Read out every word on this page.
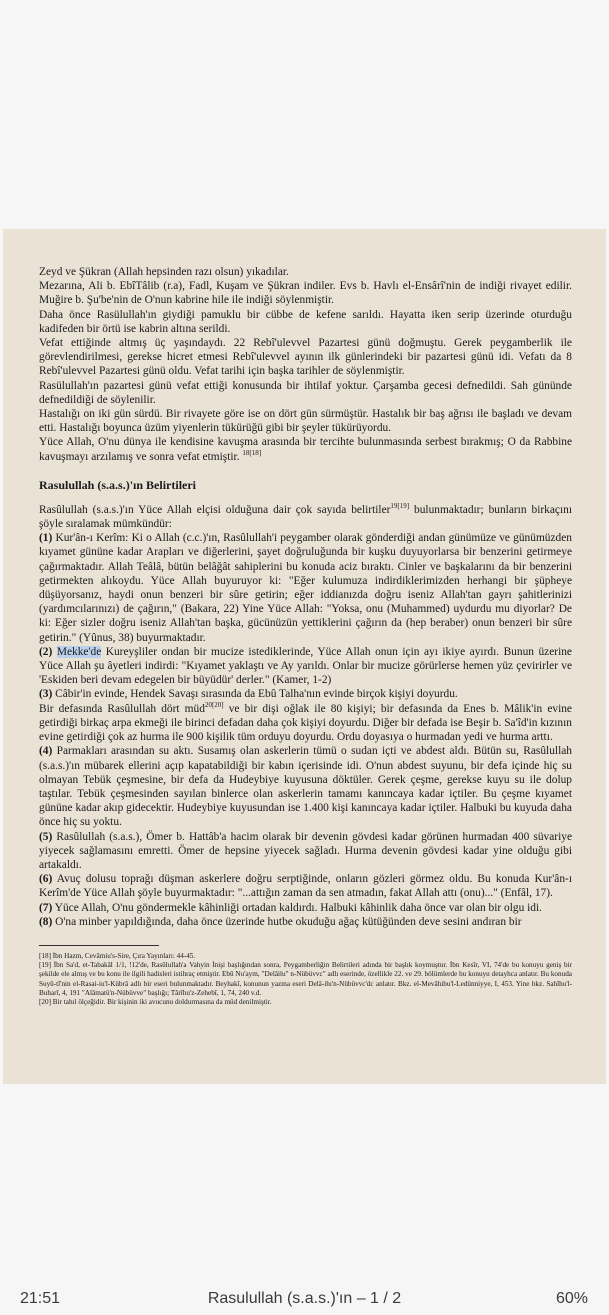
Zeyd ve Şükran (Allah hepsinden razı olsun) yıkadılar.

Mezarına, Ali b. EbîTâlib (r.a), Fadl, Kuşam ve Şükran indiler. Evs b. Havlı el-Ensârî'nin de indiği rivayet edilir. Muğire b. Şu'be'nin de O'nun kabrine hile ile indiği söylenmiştir.

Daha önce Rasülullah'ın giydiği pamuklu bir cübbe de kefene sarıldı. Hayatta iken serip üzerinde oturduğu kadifeden bir örtü ise kabrin altına serildi.

Vefat ettiğinde altmış üç yaşındaydı. 22 Rebî'ulevvel Pazartesi günü doğmuştu. Gerek peygamberlik ile görevlendirilmesi, gerekse hicret etmesi Rebî'ulevvel ayının ilk günlerindeki bir pazartesi günü idi. Vefatı da 8 Rebî'ulevvel Pazartesi günü oldu. Vefat tarihi için başka tarihler de söylenmiştir.

Rasülullah'ın pazartesi günü vefat ettiği konusunda bir ihtilaf yoktur. Çarşamba gecesi defnedildi. Sah gününde defnedildiği de söylenilir.

Hastalığı on iki gün sürdü. Bir rivayete göre ise on dört gün sürmüştür. Hastalık bir baş ağrısı ile başladı ve devam etti. Hastalığı boyunca üzüm yiyenlerin tükürüğü gibi bir şeyler tükürüyordu.

Yüce Allah, O'nu dünya ile kendisine kavuşma arasında bir tercihte bulunmasında serbest bırakmış; O da Rabbine kavuşmayı arzılamış ve sonra vefat etmiştir. $^{18[18]}$

Rasulullah (s.a.s.)'ın Belirtileri

Rasûlullah (s.a.s.)'ın Yüce Allah elçisi olduğuna dair çok sayıda belirtiler$^{19[19]}$ bulunmaktadır; bunların birkaçını şöyle sıralamak mümkündür:

(1) Kur'ân-ı Kerîm: Ki o Allah (c.c.)'ın, Rasûlullah'i peygamber olarak gönderdiği andan günümüze ve günümüzden kıyamet gününe kadar Arapları ve diğerlerini, şayet doğruluğunda bir kuşku duyuyorlarsa bir benzerini getirmeye çağırmaktadır. Allah Teâlâ, bütün belâğât sahiplerini bu konuda aciz bıraktı. Cinler ve başkalarını da bir benzerini getirmekten alıkoydu. Yüce Allah buyuruyor ki: "Eğer kulumuza indirdiklerimizden herhangi bir şüpheye düşüyorsanız, haydi onun benzeri bir sûre getirin; eğer iddianızda doğru iseniz Allah'tan gayrı şahitlerinizi (yardımcılarınızı) de çağırın," (Bakara, 22) Yine Yüce Allah: "Yoksa, onu (Muhammed) uydurdu mu diyorlar? De ki: Eğer sizler doğru iseniz Allah'tan başka, gücünüzün yettiklerini çağırın da (hep beraber) onun benzeri bir sûre getirin." (Yûnus, 38) buyurmaktadır.

(2) Mekke'de Kureyşliler ondan bir mucize istediklerinde, Yüce Allah onun için ayı ikiye ayırdı. Bunun üzerine Yüce Allah şu âyetleri indirdi: "Kıyamet yaklaştı ve Ay yarıldı. Onlar bir mucize görürlerse hemen yüz çevirirler ve 'Eskiden beri devam edegelen bir büyüdür' derler." (Kamer, 1-2)

(3) Câbir'in evinde, Hendek Savaşı sırasında da Ebû Talha'nın evinde birçok kişiyi doyurdu.

Bir defasında Rasûlullah dört müd$^{20[20]}$ ve bir dişi oğlak ile 80 kişiyi; bir defasında da Enes b. Mâlik'in evine getirdiği birkaç arpa ekmeği ile birinci defadan daha çok kişiyi doyurdu. Diğer bir defada ise Beşir b. Sa'îd'in kızının evine getirdiği çok az hurma ile 900 kişilik tüm orduyu doyurdu. Ordu doyasıya o hurmadan yedi ve hurma arttı.

(4) Parmakları arasından su aktı. Susamış olan askerlerin tümü o sudan içti ve abdest aldı. Bütün su, Rasûlullah (s.a.s.)'ın mübarek ellerini açıp kapatabildiği bir kabın içerisinde idi. O'nun abdest suyunu, bir defa içinde hiç su olmayan Tebük çeşmesine, bir defa da Hudeybiye kuyusuna döktüler. Gerek çeşme, gerekse kuyu su ile dolup taştılar. Tebük çeşmesinden sayılan binlerce olan askerlerin tamamı kanıncaya kadar içtiler. Bu çeşme kıyamet gününe kadar akıp gidecektir. Hudeybiye kuyusundan ise 1.400 kişi kanıncaya kadar içtiler. Halbuki bu kuyuda daha önce hiç su yoktu.

(5) Rasûlullah (s.a.s.), Ömer b. Hattâb'a hacim olarak bir devenin gövdesi kadar görünen hurmadan 400 süvariye yiyecek sağlamasını emretti. Ömer de hepsine yiyecek sağladı. Hurma devenin gövdesi kadar yine olduğu gibi artakaldı.

(6) Avuç dolusu toprağı düşman askerlere doğru serptiğinde, onların gözleri görmez oldu. Bu konuda Kur'ân-ı Kerîm'de Yüce Allah şöyle buyurmaktadır: "...attığın zaman da sen atmadın, fakat Allah attı (onu)..." (Enfâl, 17).

(7) Yüce Allah, O'nu göndermekle kâhinliği ortadan kaldırdı. Halbuki kâhinlik daha önce var olan bir olgu idi.

(8) O'na minber yapıldığında, daha önce üzerinde hutbe okuduğu ağaç kütüğünden deve sesini andıran bir

[18] İbn Hazm, Cevâmiu's-Sire, Çıra Yayınları: 44-45.

[19] İbn Sa'd, et-Tabakâl 1/1, !12'de, Rasûlullah'a Vahyin İnişi başlığından sonra, Peygamberliğin Belirtileri adında bir başlık koymuştur. İbn Kesîr, VI, 74'de bu konuyu geniş bir şekilde ele almış ve bu konu ile ilgili hadisleri istihraç etmiştir. Ebû Nu'aym, "Delâilu" n-Nübüvvc" adlı eserinde, özellikle 22. ve 29. bölümlerde bu konuyu detayhca anlatır. Bu konuda Suyû-tî'nin el-Rasai-iu'l-Kübrâ adlı bir eseri bulunmaktadır. Beyhakî, konunun yazma eseri Delâ-ihı'n-Nübüvvc'dc anlatır. Bkz. el-Mevâhibu'l-Ledünniyye, I, 453. Yine bkz. Sahîhu'l-Buharî, 4, 191 "Alâmatü'n-Nübüvve" başlığı; Târîhu'z-Zehebî, 1, 74, 240 v.d.

[20] Bir tahıl ölçeğidir. Bir kişinin iki avucunu doldurmasına da müd denilmiştir.

21:51	Rasulullah (s.a.s.)'ın – 1 / 2	60%
